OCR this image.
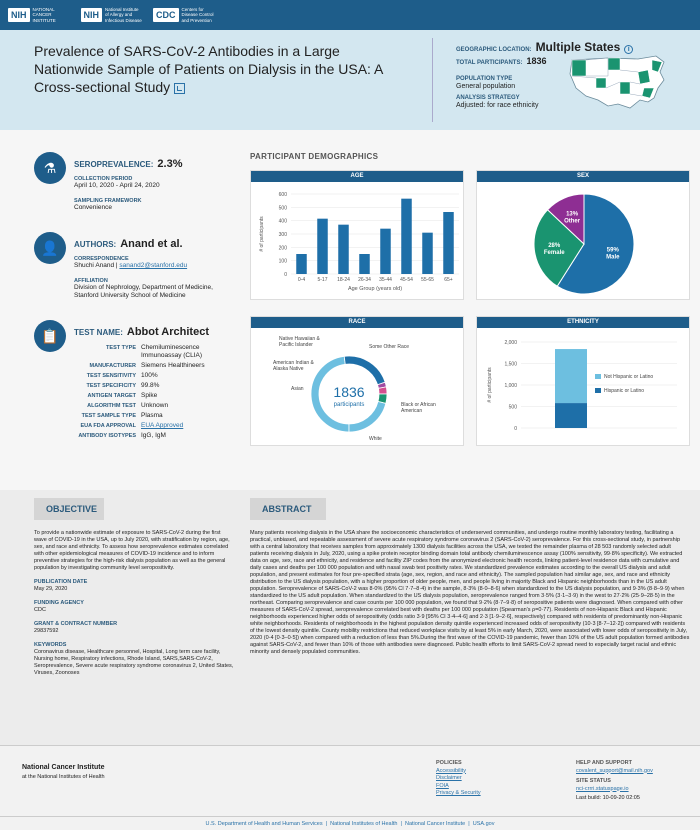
NIH
NATIONAL CANCER INSTITUTE
NIH
National Institute of Allergy and Infectious Disease
CDC
Centers for Disease Control and Prevention
Prevalence of SARS-CoV-2 Antibodies in a Large Nationwide Sample of Patients on Dialysis in the USA: A Cross-sectional Study
GEOGRAPHIC LOCATION: Multiple States	i
TOTAL PARTICIPANTS: 1836
POPULATION TYPE
General population
ANALYSIS STRATEGY
Adjusted: for race ethnicity
⚗	SEROPREVALENCE: 2.3%
COLLECTION PERIOD
April 10, 2020 - April 24, 2020
SAMPLING FRAMEWORK
Convenience
👤	AUTHORS: Anand et al.
CORRESPONDENCE
Shuchi Anand | sanand2@stanford.edu
AFFILIATION
Division of Nephrology, Department of Medicine, Stanford University School of Medicine
📋	TEST NAME: Abbot Architect
TEST TYPE Chemiluminescence Immunoassay (CLIA)
MANUFACTURER Siemens Healthineers
TEST SENSITIVITY 100%
TEST SPECIFICITY 99.8%
ANTIGEN TARGET Spike
ALGORITHM TEST Unknown
TEST SAMPLE TYPE Plasma
EUA FDA APPROVAL EUA Approved
ANTIBODY ISOTYPES IgG, IgM
PARTICIPANT DEMOGRAPHICS
AGE
0
100
200
300
400
500
600
0-4 5-17 18-24 26-34 35-44 45-54 55-65 65+
Age Group (years old)
# of participants
SEX
59%
Male
28%
Female
13%
Other
RACE
White
Black or African American
Some Other Race
Native Hawaiian & Pacific Islander
American Indian & Alaska Native
Asian 1836
participants
ETHNICITY
0
500
1,000
1,500
2,000
Not Hispanic or Latino
Hispanic or Latino
# of participants
OBJECTIVE	ABSTRACT
To provide a nationwide estimate of exposure to SARS-CoV-2 during the first wave of COVID-19 in the USA, up to July 2020, with stratification by region, age, sex, and race and ethnicity. To assess how seroprevalence estimates correlated with other epidemiological measures of COVID-19 incidence and to inform preventive strategies for the high-risk dialysis population as well as the general population by investigating community level seropositivity.
PUBLICATION DATE
May 29, 2020
FUNDING AGENCY
CDC
GRANT & CONTRACT NUMBER
29837592
KEYWORDS
Coronavirus disease, Healthcare personnel, Hospital, Long term care facility, Nursing home, Respiratory infections, Rhode Island, SARS,SARS-CoV-2, Seroprevalence, Severe acute respiratory syndrome coronavirus 2, United States, Viruses, Zoonoses
Many patients receiving dialysis in the USA share the socioeconomic characteristics of underserved communities, and undergo routine monthly laboratory testing, facilitating a practical, unbiased, and repeatable assessment of severe acute respiratory syndrome coronavirus 2 (SARS-CoV-2) seroprevalence. For this cross-sectional study, in partnership with a central laboratory that receives samples from approximately 1300 dialysis facilities across the USA, we tested the remainder plasma of 28 503 randomly selected adult patients receiving dialysis in July, 2020, using a spike protein receptor binding domain total antibody chemiluminescence assay (100% sensitivity, 99·8% specificity). We extracted data on age, sex, race and ethnicity, and residence and facility ZIP codes from the anonymized electronic health records, linking patient-level residence data with cumulative and daily cases and deaths per 100 000 population and with nasal swab test positivity rates. We standardized prevalence estimates according to the overall US dialysis and adult population, and present estimates for four pre-specified strata (age, sex, region, and race and ethnicity). The sampled population had similar age, sex, and race and ethnicity distribution to the US dialysis population, with a higher proportion of older people, men, and people living in majority Black and Hispanic neighborhoods than in the US adult population. Seroprevalence of SARS-CoV-2 was 8·0% (95% CI 7·7–8·4) in the sample, 8·3% (8·0–8·6) when standardized to the US dialysis population, and 9·3% (8·8–9·9) when standardized to the US adult population. When standardized to the US dialysis population, seroprevalence ranged from 3·5% (3·1–3·9) in the west to 27·2% (25·9–28·5) in the northeast. Comparing seroprevalence and case counts per 100 000 population, we found that 9·2% (8·7–9·8) of seropositive patients were diagnosed. When compared with other measures of SARS-CoV-2 spread, seroprevalence correlated best with deaths per 100 000 population (Spearman's ρ=0·77). Residents of non-Hispanic Black and Hispanic neighborhoods experienced higher odds of seropositivity (odds ratio 3·9 [95% CI 3·4–4·6] and 2·3 [1·9–2·6], respectively) compared with residents of predominantly non-Hispanic white neighborhoods. Residents of neighborhoods in the highest population density quintile experienced increased odds of seropositivity (10·3 [8·7–12·2]) compared with residents of the lowest density quintile. County mobility restrictions that reduced workplace visits by at least 5% in early March, 2020, were associated with lower odds of seropositivity in July, 2020 (0·4 [0·3–0·5]) when compared with a reduction of less than 5%.During the first wave of the COVID-19 pandemic, fewer than 10% of the US adult population formed antibodies against SARS-CoV-2, and fewer than 10% of those with antibodies were diagnosed. Public health efforts to limit SARS-CoV-2 spread need to especially target racial and ethnic minority and densely populated communities.
National Cancer Institute
at the National Institutes of Health
POLICIES
Accessibility
Disclaimer
FOIA
Privacy & Security
HELP AND SUPPORT
covalent_support@mail.nih.gov
SITE STATUS
nci-crrri.statuspage.io
Last build: 10-09-20 02:05
U.S. Department of Health and Human Services  |  National Institutes of Health  |  National Cancer Institute  |  USA.gov
